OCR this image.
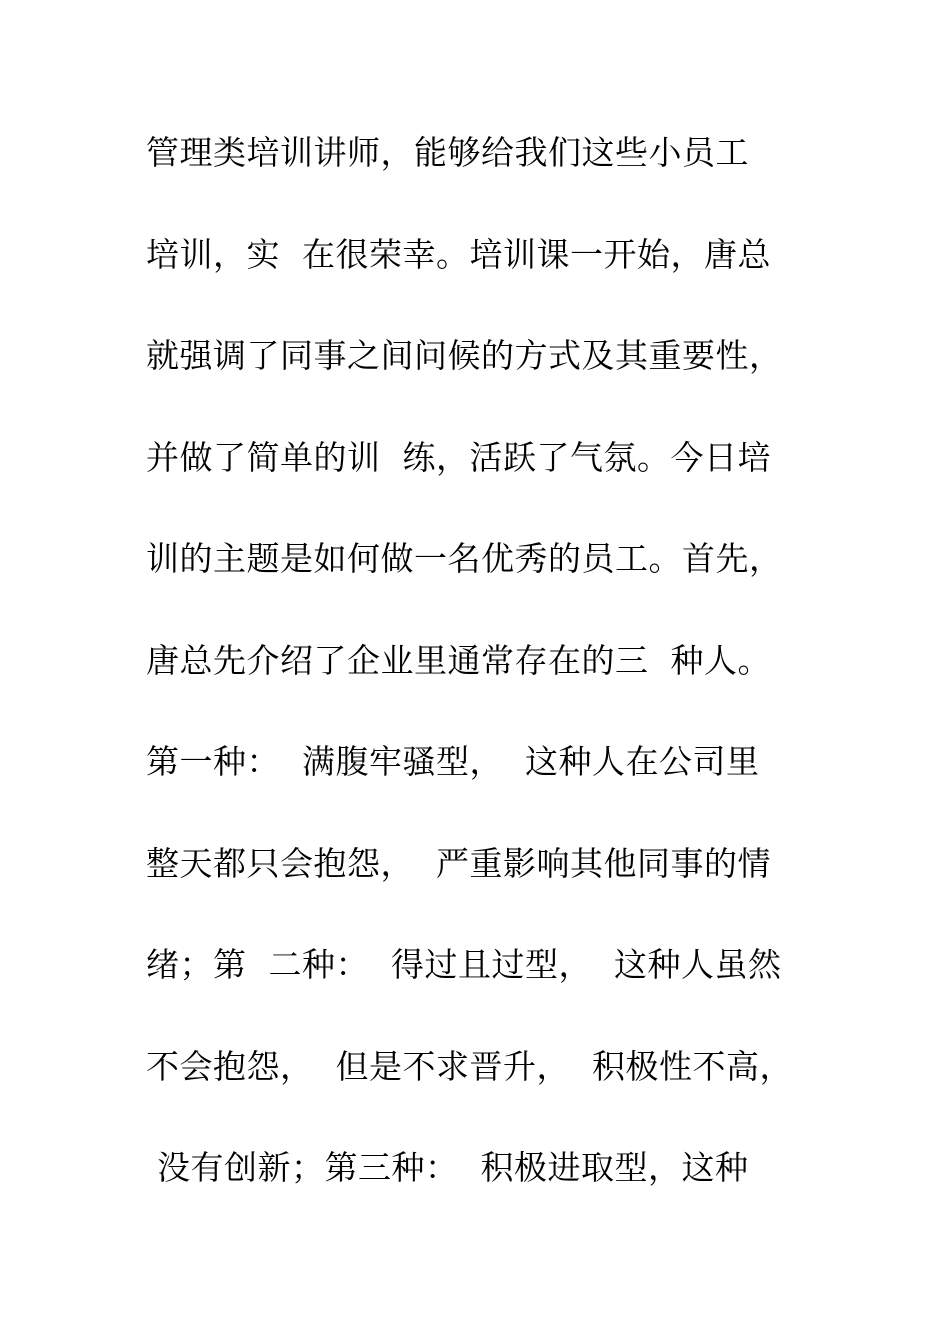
管理类培训讲师，能够给我们这些小员工
培训，实  在很荣幸。培训课一开始，唐总
就强调了同事之间问候的方式及其重要性，
并做了简单的训  练，活跃了气氛。今日培
训的主题是如何做一名优秀的员工。首先，
唐总先介绍了企业里通常存在的三  种人。
第一种：  满腹牢骚型，  这种人在公司里
整天都只会抱怨，  严重影响其他同事的情
绪；第  二种：  得过且过型，  这种人虽然
不会抱怨，  但是不求晋升，  积极性不高，
没有创新；第三种：  积极进取型，这种
